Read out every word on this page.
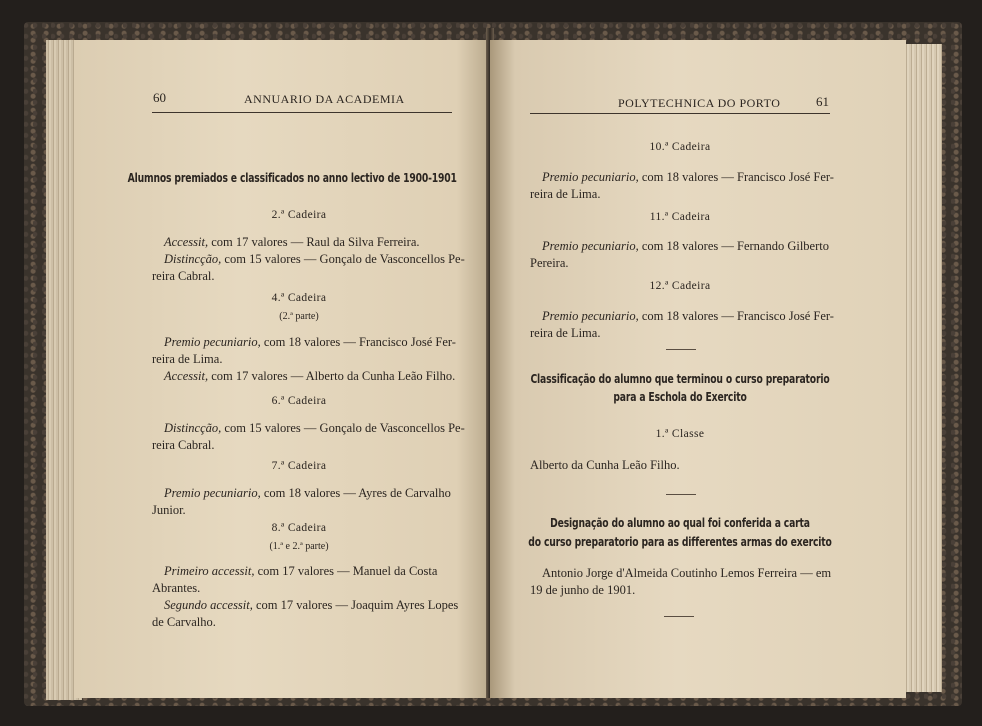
60	ANNUARIO DA ACADEMIA
Alumnos premiados e classificados no anno lectivo de 1900-1901
2.ª Cadeira
Accessit, com 17 valores — Raul da Silva Ferreira.
Distincção, com 15 valores — Gonçalo de Vasconcellos Pe-
reira Cabral.
4.ª Cadeira
(2.ª parte)
Premio pecuniario, com 18 valores — Francisco José Fer-
reira de Lima.
Accessit, com 17 valores — Alberto da Cunha Leão Filho.
6.ª Cadeira
Distincção, com 15 valores — Gonçalo de Vasconcellos Pe-
reira Cabral.
7.ª Cadeira
Premio pecuniario, com 18 valores — Ayres de Carvalho
Junior.
8.ª Cadeira
(1.ª e 2.ª parte)
Primeiro accessit, com 17 valores — Manuel da Costa
Abrantes.
Segundo accessit, com 17 valores — Joaquim Ayres Lopes
de Carvalho.
POLYTECHNICA DO PORTO	61
10.ª Cadeira
Premio pecuniario, com 18 valores — Francisco José Fer-
reira de Lima.
11.ª Cadeira
Premio pecuniario, com 18 valores — Fernando Gilberto
Pereira.
12.ª Cadeira
Premio pecuniario, com 18 valores — Francisco José Fer-
reira de Lima.
Classificação do alumno que terminou o curso preparatorio
para a Eschola do Exercito
1.ª Classe
Alberto da Cunha Leão Filho.
Designação do alumno ao qual foi conferida a carta
do curso preparatorio para as differentes armas do exercito
Antonio Jorge d'Almeida Coutinho Lemos Ferreira — em
19 de junho de 1901.
